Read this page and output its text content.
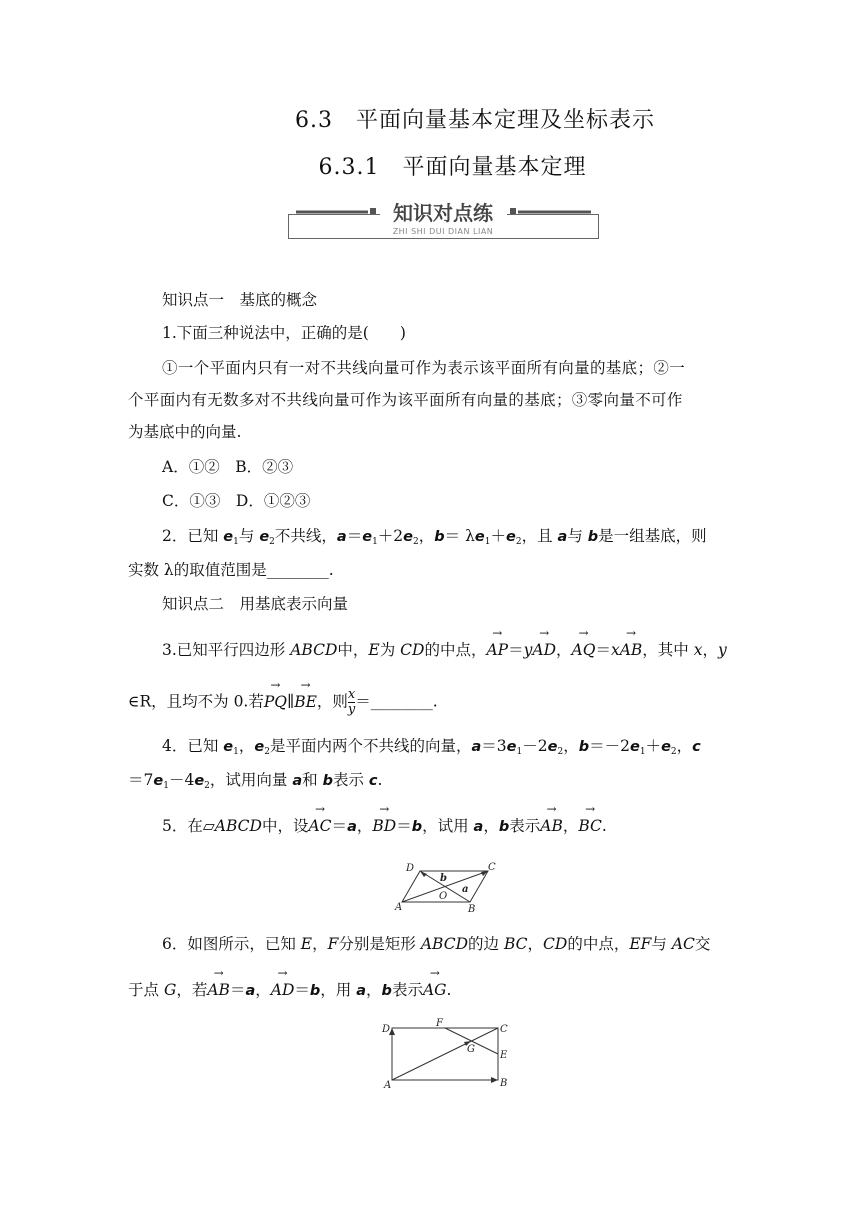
6.3　平面向量基本定理及坐标表示
6.3.1　平面向量基本定理
知识对点练
ZHI SHI DUI DIAN LIAN
知识点一　基底的概念
1.下面三种说法中，正确的是(　　)
①一个平面内只有一对不共线向量可作为表示该平面所有向量的基底；②一
个平面内有无数多对不共线向量可作为该平面所有向量的基底；③零向量不可作
为基底中的向量.
A．①②　 B．②③
C．①③　 D．①②③
2．已知 $e_1$与 $e_2$不共线，$a=e_1+2e_2$，$b= \lambda e_1+e_2$，且 a与 b是一组基底，则
实数 λ的取值范围是________.
知识点二　用基底表示向量
3.已知平行四边形 ABCD中，E为 CD的中点，→ AP＝y→ AD，→ AQ＝x→ AB，其中 x，y
∈R，且均不为 0.若→ PQ∥→ BE，则 $\frac{x}{y}$ ＝________.
4．已知 $e_1$，$e_2$是平面内两个不共线的向量，$a=3e_1-2e_2$，$b=-2e_1+e_2$，c
$=7e_1-4e_2$，试用向量 a和 b表示 c.
5．在▱ABCD中，设→ AC＝a，→ BD＝b，试用 a，b表示→ AB，→ BC.
D	C
A	B
O
b
a
6．如图所示，已知 E，F分别是矩形 ABCD的边 BC，CD的中点，EF与 AC交
于点 G，若→ AB＝a，→ AD＝b，用 a，b表示→ AG.
D
F
C
G
E
A	B
